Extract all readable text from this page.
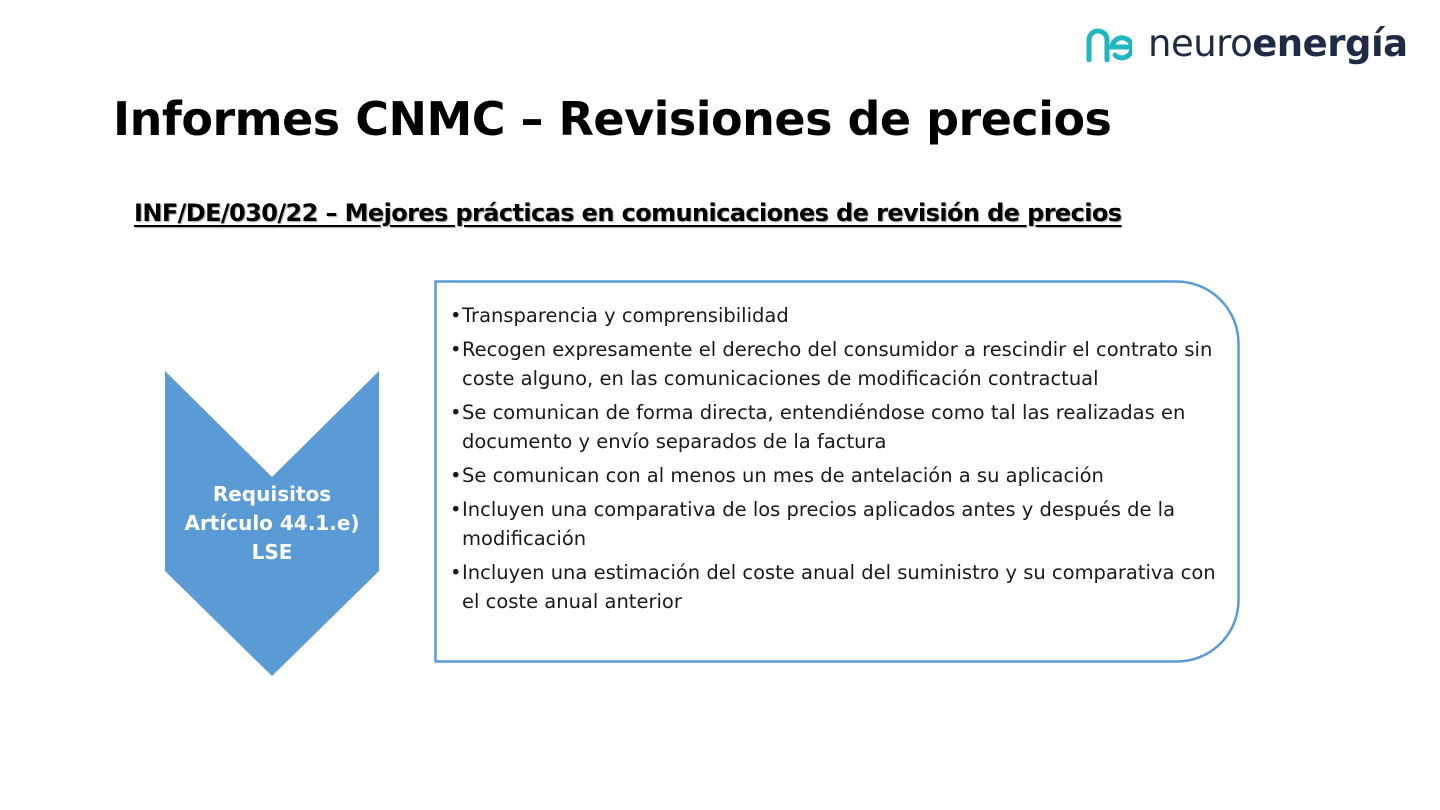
neuroenergía
Informes CNMC – Revisiones de precios
INF/DE/030/22 – Mejores prácticas en comunicaciones de revisión de precios
Requisitos
Artículo 44.1.e)
LSE
• Transparencia y comprensibilidad
• Recogen expresamente el derecho del consumidor a rescindir el contrato sin coste alguno, en las comunicaciones de modificación contractual
• Se comunican de forma directa, entendiéndose como tal las realizadas en documento y envío separados de la factura
• Se comunican con al menos un mes de antelación a su aplicación
• Incluyen una comparativa de los precios aplicados antes y después de la modificación
• Incluyen una estimación del coste anual del suministro y su comparativa con el coste anual anterior
